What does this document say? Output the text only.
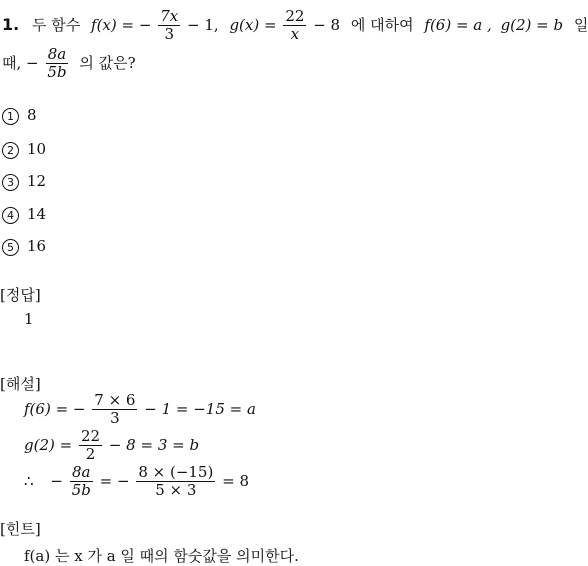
1. 두 함수 f(x) = − $\frac{7x}{3} - 1$, $g(x) = \frac{22}{x} - 8$ 에 대하여 f(6) = a , g(2) = b 일
때, − $\frac{8a}{5b}$ 의 값은?
1 8
2 10
3 12
4 14
5 16
[정답]
1
[해설]
f(6) = − $\frac{7 \times 6}{3} - 1 = -15 = a$
$g(2) = \frac{22}{2} - 8 = 3 = b$
∴ − $\frac{8a}{5b}$ = − $\frac{8 \times (-15)}{5 \times 3} = 8$
[힌트]
f(a) 는 x 가 a 일 때의 함숫값을 의미한다.
